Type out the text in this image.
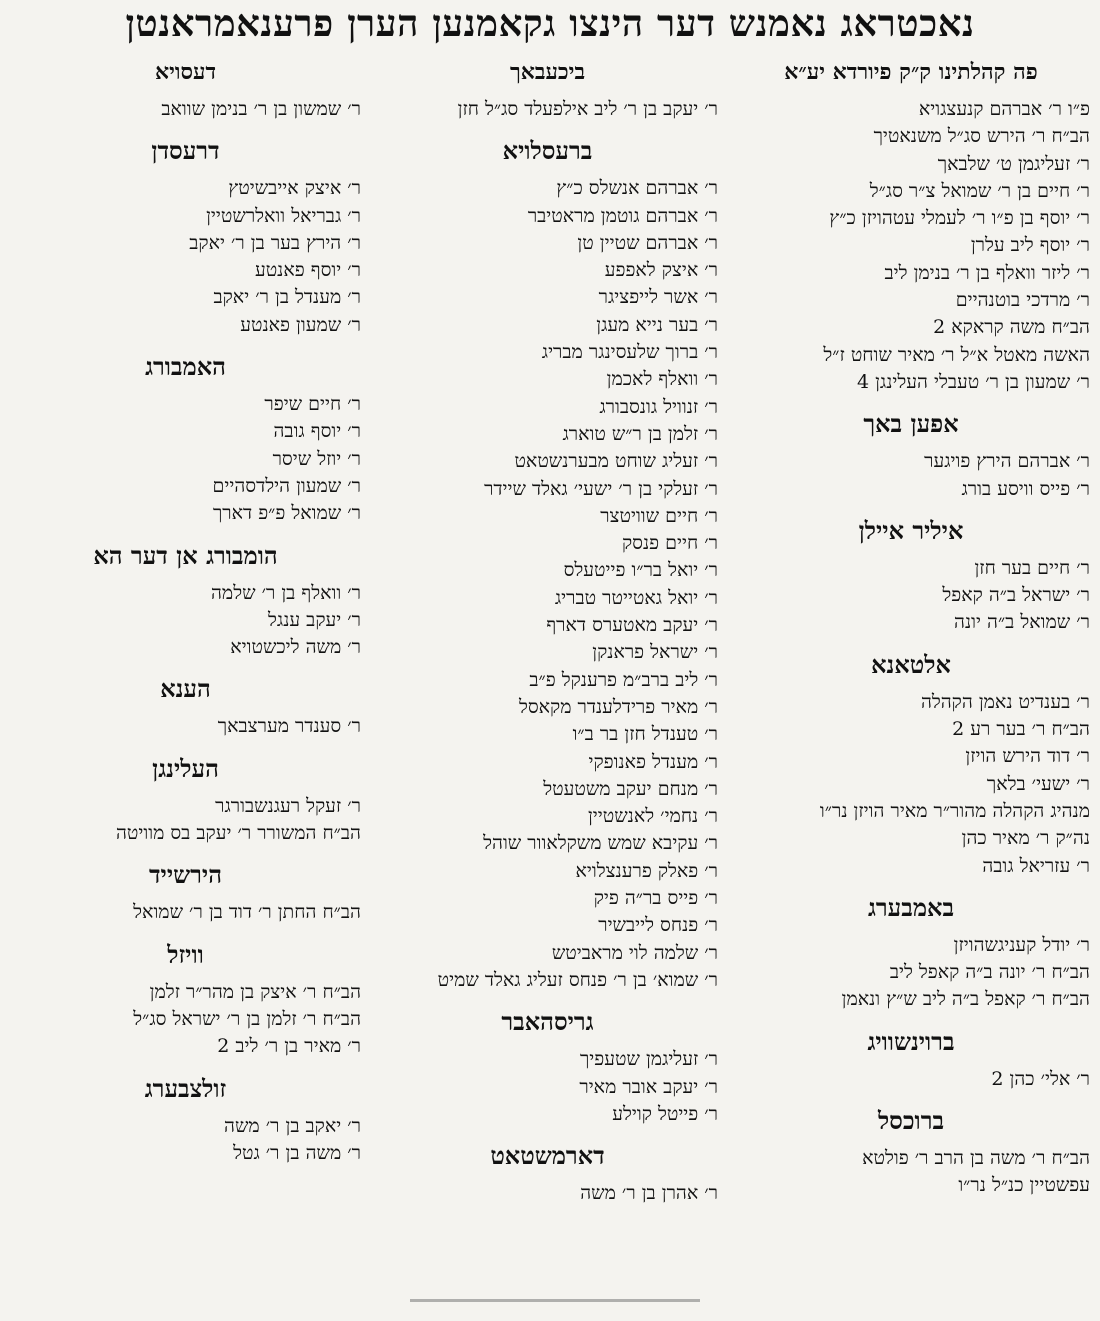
נאכטראג נאמנש דער הינצו גקאמנען הערן פרענאמראנטן
פה קהלתינו ק״ק פיורדא יע״א
פ״ו ר׳ אברהם קנעצגויא
הב״ח ר׳ הירש סג״ל משנאטיך
ר׳ זעליגמן ט׳ שלבאך
ר׳ חיים בן ר׳ שמואל צ״ר סג״ל
ר׳ יוסף בן פ״ו ר׳ לעמלי עטהויזן כ״ץ
ר׳ יוסף ליב עלרן
ר׳ ליזר וואלף בן ר׳ בנימן ליב
ר׳ מרדכי בוטנהיים
הב״ח משה קראקא 2
האשה מאטל א״ל ר׳ מאיר שוחט ז״ל
ר׳ שמעון בן ר׳ טעבלי העלינגן 4
אפען באך
ר׳ אברהם הירץ פויגער
ר׳ פייס וויסע בורג
איליר איילן
ר׳ חיים בער חזן
ר׳ ישראל ב״ה קאפל
ר׳ שמואל ב״ה יונה
אלטאנא
ר׳ בענדיט נאמן הקהלה
הב״ח ר׳ בער רע 2
ר׳ דוד הירש הויזן
ר׳ ישעי׳ בלאך
מנהיג הקהלה מהור״ר מאיר הויזן נר״ו
נה״ק ר׳ מאיר כהן
ר׳ עזריאל גובה
באמבערג
ר׳ יודל קעניגשהויזן
הב״ח ר׳ יונה ב״ה קאפל ליב
הב״ח ר׳ קאפל ב״ה ליב ש״ץ ונאמן
ברוינשוויג
ר׳ אלי׳ כהן 2
ברוכסל
הב״ח ר׳ משה בן הרב ר׳ פולטא
עפשטיין כנ״ל נר״ו
ביכעבאך
ר׳ יעקב בן ר׳ ליב אילפעלד סג״ל חזן
ברעסלויא
ר׳ אברהם אנשלס כ״ץ
ר׳ אברהם גוטמן מראטיבר
ר׳ אברהם שטיין טן
ר׳ איצק לאפפע
ר׳ אשר לייפציגר
ר׳ בער נייא מעגן
ר׳ ברוך שלעסינגר מבריג
ר׳ וואלף לאכמן
ר׳ זנוויל גונסבורג
ר׳ זלמן בן ר״ש טוארג
ר׳ זעליג שוחט מבערנשטאט
ר׳ זעלקי בן ר׳ ישעי׳ גאלד שיידר
ר׳ חיים שוויטצר
ר׳ חיים פנסק
ר׳ יואל בר״ו פייטעלס
ר׳ יואל גאטייטר טבריג
ר׳ יעקב מאטערס דארף
ר׳ ישראל פראנקן
ר׳ ליב ברב״מ פרענקל פ״ב
ר׳ מאיר פרידלענדר מקאסל
ר׳ טענדל חזן בר ב״ו
ר׳ מענדל פאנופקי
ר׳ מנחם יעקב משטעטל
ר׳ נחמי׳ לאנשטיין
ר׳ עקיבא שמש משקלאוור שוהל
ר׳ פאלק פרענצלויא
ר׳ פייס בר״ה פיק
ר׳ פנחס לייבשיר
ר׳ שלמה לוי מראביטש
ר׳ שמוא׳ בן ר׳ פנחס זעליג גאלד שמיט
גריסהאבר
ר׳ זעליגמן שטעפיך
ר׳ יעקב אובר מאיר
ר׳ פייטל קוילע
דארמשטאט
ר׳ אהרן בן ר׳ משה
דעסויא
ר׳ שמשון בן ר׳ בנימן שוואב
דרעסדן
ר׳ איצק אייבשיטץ
ר׳ גבריאל וואלרשטיין
ר׳ הירץ בער בן ר׳ יאקב
ר׳ יוסף פאנטע
ר׳ מענדל בן ר׳ יאקב
ר׳ שמעון פאנטע
האמבורג
ר׳ חיים שיפר
ר׳ יוסף גובה
ר׳ יוזל שיסר
ר׳ שמעון הילדסהיים
ר׳ שמואל פ״פ דארך
הומבורג אן דער הא
ר׳ וואלף בן ר׳ שלמה
ר׳ יעקב ענגל
ר׳ משה ליכשטויא
הענא
ר׳ סענדר מערצבאך
העלינגן
ר׳ זעקל רעגנשבורגר
הב״ח המשורר ר׳ יעקב בס מוויטה
הירשייד
הב״ח החתן ר׳ דוד בן ר׳ שמואל
וויזל
הב״ח ר׳ איצק בן מהר״ר זלמן
הב״ח ר׳ זלמן בן ר׳ ישראל סג״ל
ר׳ מאיר בן ר׳ ליב 2
זולצבערג
ר׳ יאקב בן ר׳ משה
ר׳ משה בן ר׳ גטל
